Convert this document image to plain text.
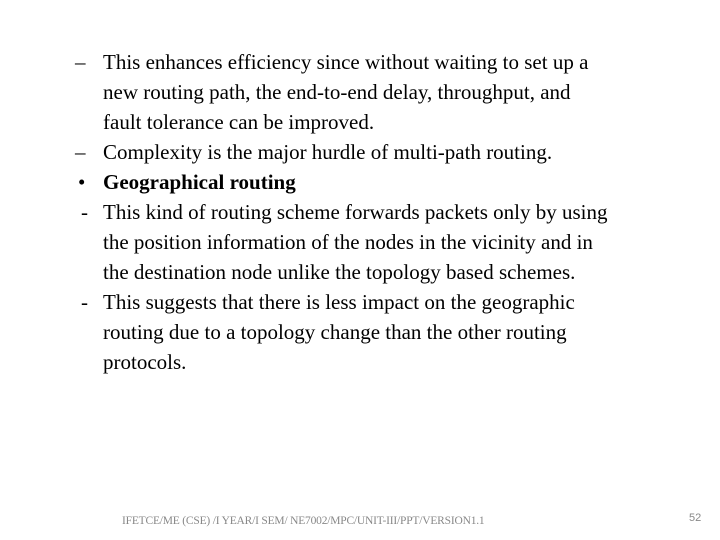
– This enhances efficiency since without waiting to set up a
new routing path, the end-to-end delay, throughput, and
fault tolerance can be improved.
– Complexity is the major hurdle of multi-path routing.
• Geographical routing
- This kind of routing scheme forwards packets only by using
the position information of the nodes in the vicinity and in
the destination node unlike the topology based schemes.
- This suggests that there is less impact on the geographic
routing due to a topology change than the other routing
protocols.
IFETCE/ME (CSE) /I YEAR/I SEM/ NE7002/MPC/UNIT-III/PPT/VERSION1.1	52
